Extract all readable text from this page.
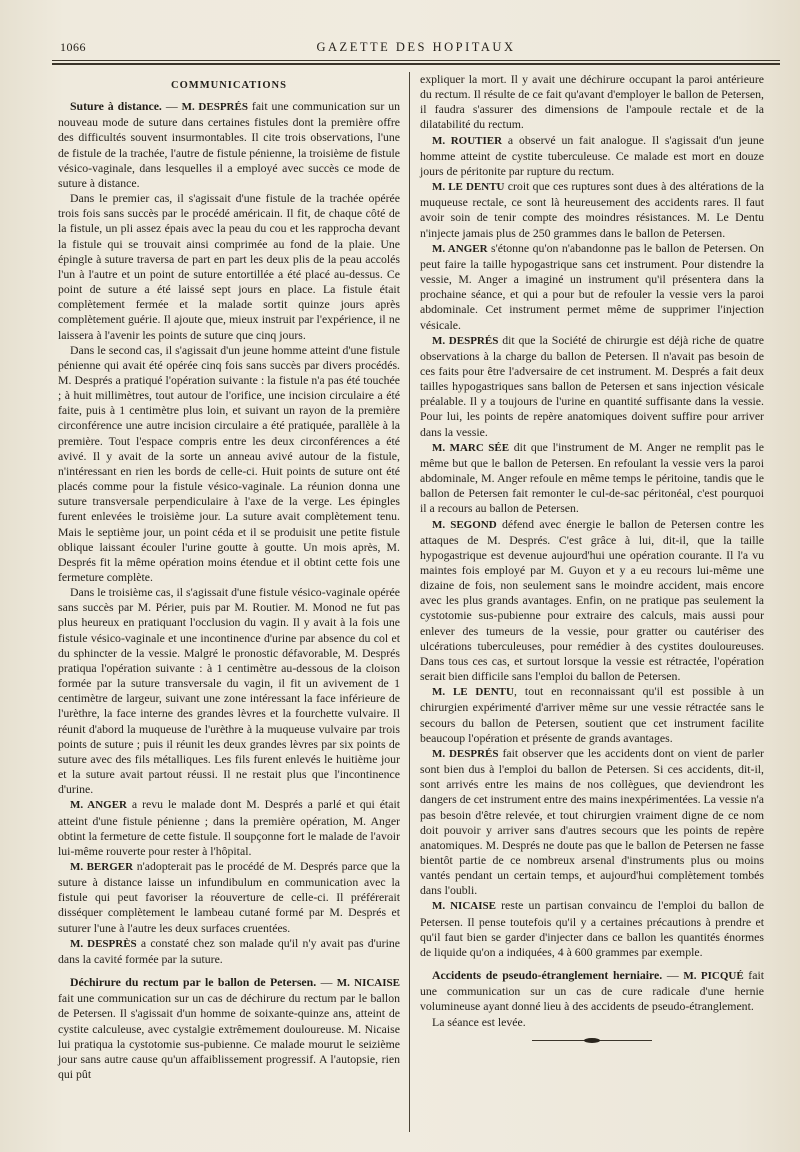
1066	GAZETTE DES HOPITAUX
COMMUNICATIONS

Suture à distance. — M. DESPRÉS fait une communication sur un nouveau mode de suture dans certaines fistules dont la première offre des difficultés souvent insurmontables. Il cite trois observations, l'une de fistule de la trachée, l'autre de fistule pénienne, la troisième de fistule vésico-vaginale, dans lesquelles il a employé avec succès ce mode de suture à distance.

Dans le premier cas, il s'agissait d'une fistule de la trachée opérée trois fois sans succès par le procédé américain. Il fit, de chaque côté de la fistule, un pli assez épais avec la peau du cou et les rapprocha devant la fistule qui se trouvait ainsi comprimée au fond de la plaie. Une épingle à suture traversa de part en part les deux plis de la peau accolés l'un à l'autre et un point de suture entortillée a été placé au-dessus. Ce point de suture a été laissé sept jours en place. La fistule était complètement fermée et la malade sortit quinze jours après complètement guérie. Il ajoute que, mieux instruit par l'expérience, il ne laissera à l'avenir les points de suture que cinq jours.

Dans le second cas, il s'agissait d'un jeune homme atteint d'une fistule pénienne qui avait été opérée cinq fois sans succès par divers procédés. M. Després a pratiqué l'opération suivante : la fistule n'a pas été touchée ; à huit millimètres, tout autour de l'orifice, une incision circulaire a été faite, puis à 1 centimètre plus loin, et suivant un rayon de la première circonférence une autre incision circulaire a été pratiquée, parallèle à la première. Tout l'espace compris entre les deux circonférences a été avivé. Il y avait de la sorte un anneau avivé autour de la fistule, n'intéressant en rien les bords de celle-ci. Huit points de suture ont été placés comme pour la fistule vésico-vaginale. La réunion donna une suture transversale perpendiculaire à l'axe de la verge. Les épingles furent enlevées le troisième jour. La suture avait complètement tenu. Mais le septième jour, un point céda et il se produisit une petite fistule oblique laissant écouler l'urine goutte à goutte. Un mois après, M. Després fit la même opération moins étendue et il obtint cette fois une fermeture complète.

Dans le troisième cas, il s'agissait d'une fistule vésico-vaginale opérée sans succès par M. Périer, puis par M. Routier. M. Monod ne fut pas plus heureux en pratiquant l'occlusion du vagin. Il y avait à la fois une fistule vésico-vaginale et une incontinence d'urine par absence du col et du sphincter de la vessie. Malgré le pronostic défavorable, M. Després pratiqua l'opération suivante : à 1 centimètre au-dessous de la cloison formée par la suture transversale du vagin, il fit un avivement de 1 centimètre de largeur, suivant une zone intéressant la face inférieure de l'urèthre, la face interne des grandes lèvres et la fourchette vulvaire. Il réunit d'abord la muqueuse de l'urèthre à la muqueuse vulvaire par trois points de suture ; puis il réunit les deux grandes lèvres par six points de suture avec des fils métalliques. Les fils furent enlevés le huitième jour et la suture avait partout réussi. Il ne restait plus que l'incontinence d'urine.

M. ANGER a revu le malade dont M. Després a parlé et qui était atteint d'une fistule pénienne ; dans la première opération, M. Anger obtint la fermeture de cette fistule. Il soupçonne fort le malade de l'avoir lui-même rouverte pour rester à l'hôpital.

M. BERGER n'adopterait pas le procédé de M. Després parce que la suture à distance laisse un infundibulum en communication avec la fistule qui peut favoriser la réouverture de celle-ci. Il préférerait disséquer complètement le lambeau cutané formé par M. Després et suturer l'une à l'autre les deux surfaces cruentées.

M. DESPRÈS a constaté chez son malade qu'il n'y avait pas d'urine dans la cavité formée par la suture.

Déchirure du rectum par le ballon de Petersen. — M. NICAISE fait une communication sur un cas de déchirure du rectum par le ballon de Petersen. Il s'agissait d'un homme de soixante-quinze ans, atteint de cystite calculeuse, avec cystalgie extrêmement douloureuse. M. Nicaise lui pratiqua la cystotomie sus-pubienne. Ce malade mourut le seizième jour sans autre cause qu'un affaiblissement progressif. A l'autopsie, rien qui pût

expliquer la mort. Il y avait une déchirure occupant la paroi antérieure du rectum. Il résulte de ce fait qu'avant d'employer le ballon de Petersen, il faudra s'assurer des dimensions de l'ampoule rectale et de la dilatabilité du rectum.

M. ROUTIER a observé un fait analogue. Il s'agissait d'un jeune homme atteint de cystite tuberculeuse. Ce malade est mort en douze jours de péritonite par rupture du rectum.

M. LE DENTU croit que ces ruptures sont dues à des altérations de la muqueuse rectale, ce sont là heureusement des accidents rares. Il faut avoir soin de tenir compte des moindres résistances. M. Le Dentu n'injecte jamais plus de 250 grammes dans le ballon de Petersen.

M. ANGER s'étonne qu'on n'abandonne pas le ballon de Petersen. On peut faire la taille hypogastrique sans cet instrument. Pour distendre la vessie, M. Anger a imaginé un instrument qu'il présentera dans la prochaine séance, et qui a pour but de refouler la vessie vers la paroi abdominale. Cet instrument permet même de supprimer l'injection vésicale.

M. DESPRÉS dit que la Société de chirurgie est déjà riche de quatre observations à la charge du ballon de Petersen. Il n'avait pas besoin de ces faits pour être l'adversaire de cet instrument. M. Després a fait deux tailles hypogastriques sans ballon de Petersen et sans injection vésicale préalable. Il y a toujours de l'urine en quantité suffisante dans la vessie. Pour lui, les points de repère anatomiques doivent suffire pour arriver dans la vessie.

M. MARC SÉE dit que l'instrument de M. Anger ne remplit pas le même but que le ballon de Petersen. En refoulant la vessie vers la paroi abdominale, M. Anger refoule en même temps le péritoine, tandis que le ballon de Petersen fait remonter le cul-de-sac péritonéal, c'est pourquoi il a recours au ballon de Petersen.

M. SEGOND défend avec énergie le ballon de Petersen contre les attaques de M. Després. C'est grâce à lui, dit-il, que la taille hypogastrique est devenue aujourd'hui une opération courante. Il l'a vu maintes fois employé par M. Guyon et y a eu recours lui-même une dizaine de fois, non seulement sans le moindre accident, mais encore avec les plus grands avantages. Enfin, on ne pratique pas seulement la cystotomie sus-pubienne pour extraire des calculs, mais aussi pour enlever des tumeurs de la vessie, pour gratter ou cautériser des ulcérations tuberculeuses, pour remédier à des cystites douloureuses. Dans tous ces cas, et surtout lorsque la vessie est rétractée, l'opération serait bien difficile sans l'emploi du ballon de Petersen.

M. LE DENTU, tout en reconnaissant qu'il est possible à un chirurgien expérimenté d'arriver même sur une vessie rétractée sans le secours du ballon de Petersen, soutient que cet instrument facilite beaucoup l'opération et présente de grands avantages.

M. DESPRÉS fait observer que les accidents dont on vient de parler sont bien dus à l'emploi du ballon de Petersen. Si ces accidents, dit-il, sont arrivés entre les mains de nos collègues, que deviendront les dangers de cet instrument entre des mains inexpérimentées. La vessie n'a pas besoin d'être relevée, et tout chirurgien vraiment digne de ce nom doit pouvoir y arriver sans d'autres secours que les points de repère anatomiques. M. Després ne doute pas que le ballon de Petersen ne fasse bientôt partie de ce nombreux arsenal d'instruments plus ou moins vantés pendant un certain temps, et aujourd'hui complètement tombés dans l'oubli.

M. NICAISE reste un partisan convaincu de l'emploi du ballon de Petersen. Il pense toutefois qu'il y a certaines précautions à prendre et qu'il faut bien se garder d'injecter dans ce ballon les quantités énormes de liquide qu'on a indiquées, 4 à 600 grammes par exemple.

Accidents de pseudo-étranglement herniaire. — M. PICQUÉ fait une communication sur un cas de cure radicale d'une hernie volumineuse ayant donné lieu à des accidents de pseudo-étranglement.

La séance est levée.
